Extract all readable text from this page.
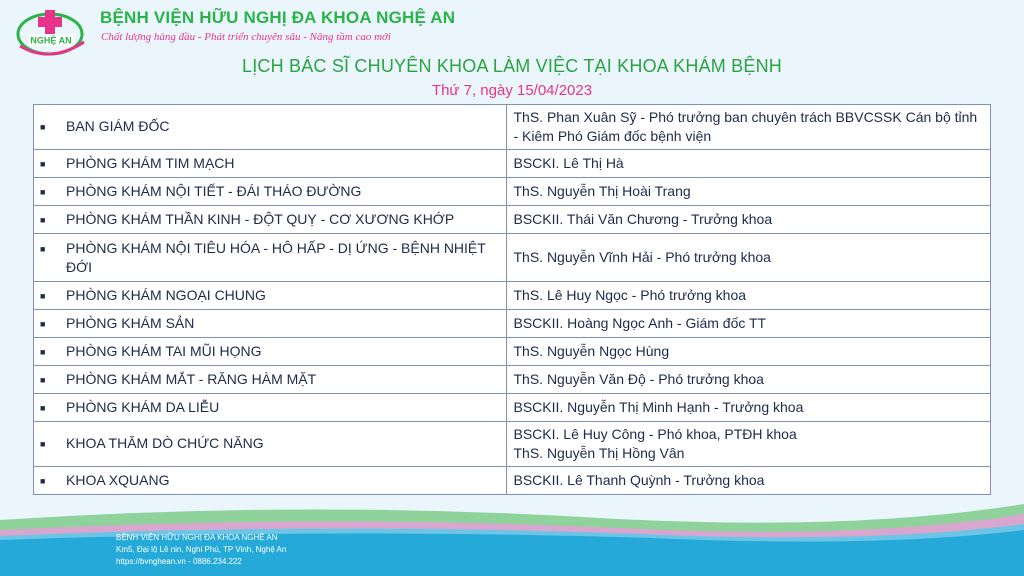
NGHỆ AN
BỆNH VIỆN HỮU NGHỊ ĐA KHOA NGHỆ AN
Chất lượng hàng đầu - Phát triển chuyên sâu - Nâng tầm cao mới
LỊCH BÁC SĨ CHUYÊN KHOA LÀM VIỆC TẠI KHOA KHÁM BỆNH
Thứ 7, ngày 15/04/2023
■ BAN GIÁM ĐỐC	ThS. Phan Xuân Sỹ - Phó trưởng ban chuyên trách BBVCSSK Cán bộ tỉnh - Kiêm Phó Giám đốc bệnh viện

■ PHÒNG KHÁM TIM MẠCH	BSCKI. Lê Thị Hà

■ PHÒNG KHÁM NỘI TIẾT - ĐÁI THÁO ĐƯỜNG	ThS. Nguyễn Thị Hoài Trang

■ PHÒNG KHÁM THẦN KINH - ĐỘT QUỴ - CƠ XƯƠNG KHỚP	BSCKII. Thái Văn Chương - Trưởng khoa

■ PHÒNG KHÁM NỘI TIÊU HÓA - HÔ HẤP - DỊ ỨNG - BỆNH NHIỆT ĐỚI	ThS. Nguyễn Vĩnh Hải - Phó trưởng khoa

■ PHÒNG KHÁM NGOẠI CHUNG	ThS. Lê Huy Ngọc - Phó trưởng khoa

■ PHÒNG KHÁM SẢN	BSCKII. Hoàng Ngọc Anh - Giám đốc TT

■ PHÒNG KHÁM TAI MŨI HỌNG	ThS. Nguyễn Ngọc Hùng

■ PHÒNG KHÁM MẮT - RĂNG HÀM MẶT	ThS. Nguyễn Văn Độ - Phó trưởng khoa

■ PHÒNG KHÁM DA LIỄU	BSCKII. Nguyễn Thị Minh Hạnh - Trưởng khoa

■ KHOA THĂM DÒ CHỨC NĂNG	BSCKI. Lê Huy Công - Phó khoa, PTĐH khoa
ThS. Nguyễn Thị Hồng Vân

■ KHOA XQUANG	BSCKII. Lê Thanh Quỳnh - Trưởng khoa
BỆNH VIỆN HỮU NGHỊ ĐA KHOA NGHỆ AN
Km5, Đại lộ Lê nin, Nghi Phú, TP Vinh, Nghệ An
https://bvnghean.vn - 0886.234.222
